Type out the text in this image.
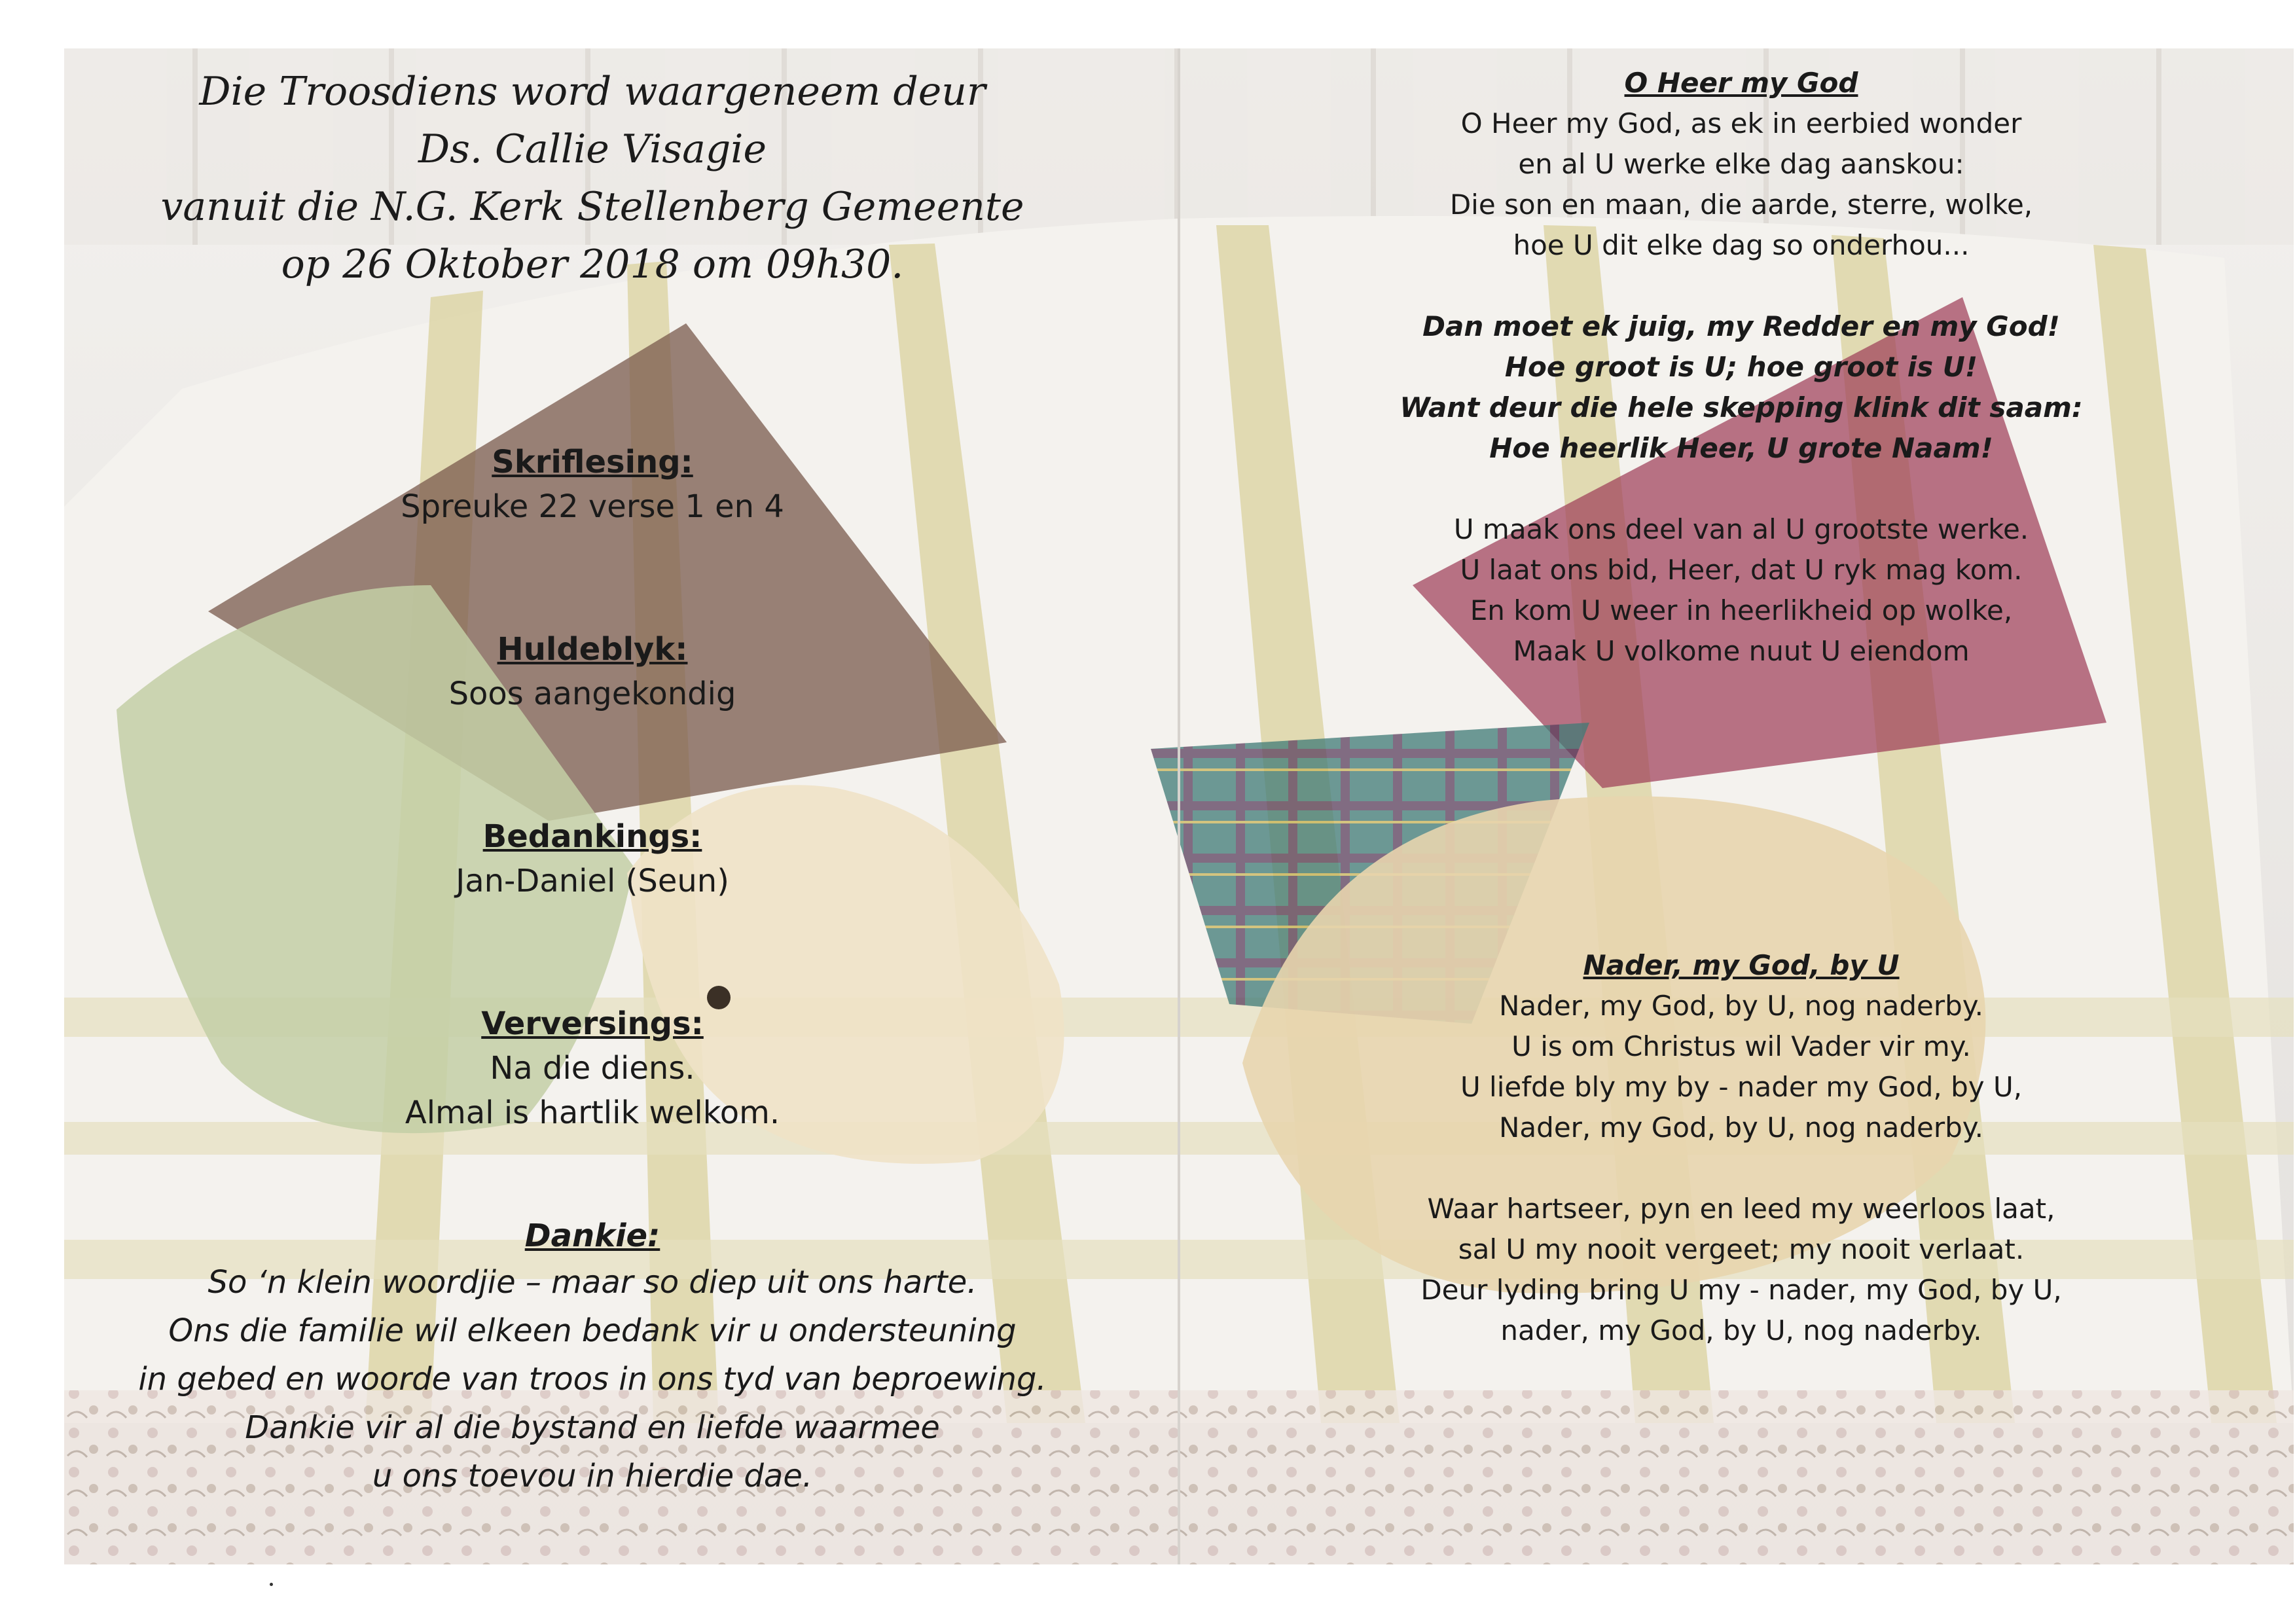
Die Troosdiens word waargeneem deur

Ds. Callie Visagie

vanuit die N.G. Kerk Stellenberg Gemeente

op 26 Oktober 2018 om 09h30.

Skriflesing:
Spreuke 22 verse 1 en 4
Huldeblyk:
Soos aangekondig
Bedankings:
Jan-Daniel (Seun)
Verversings:
Na die diens.
Almal is hartlik welkom.
Dankie:
So ‘n klein woordjie – maar so diep uit ons harte.
Ons die familie wil elkeen bedank vir u ondersteuning
in gebed en woorde van troos in ons tyd van beproewing.
Dankie vir al die bystand en liefde waarmee
u ons toevou in hierdie dae.
O Heer my God
O Heer my God, as ek in eerbied wonder
en al U werke elke dag aanskou:
Die son en maan, die aarde, sterre, wolke,
hoe U dit elke dag so onderhou...
Dan moet ek juig, my Redder en my God!
Hoe groot is U; hoe groot is U!
Want deur die hele skepping klink dit saam:
Hoe heerlik Heer, U grote Naam!
U maak ons deel van al U grootste werke.
U laat ons bid, Heer, dat U ryk mag kom.
En kom U weer in heerlikheid op wolke,
Maak U volkome nuut U eiendom
Nader, my God, by U
Nader, my God, by U, nog naderby.
U is om Christus wil Vader vir my.
U liefde bly my by - nader my God, by U,
Nader, my God, by U, nog naderby.
Waar hartseer, pyn en leed my weerloos laat,
sal U my nooit vergeet; my nooit verlaat.
Deur lyding bring U my - nader, my God, by U,
nader, my God, by U, nog naderby.
